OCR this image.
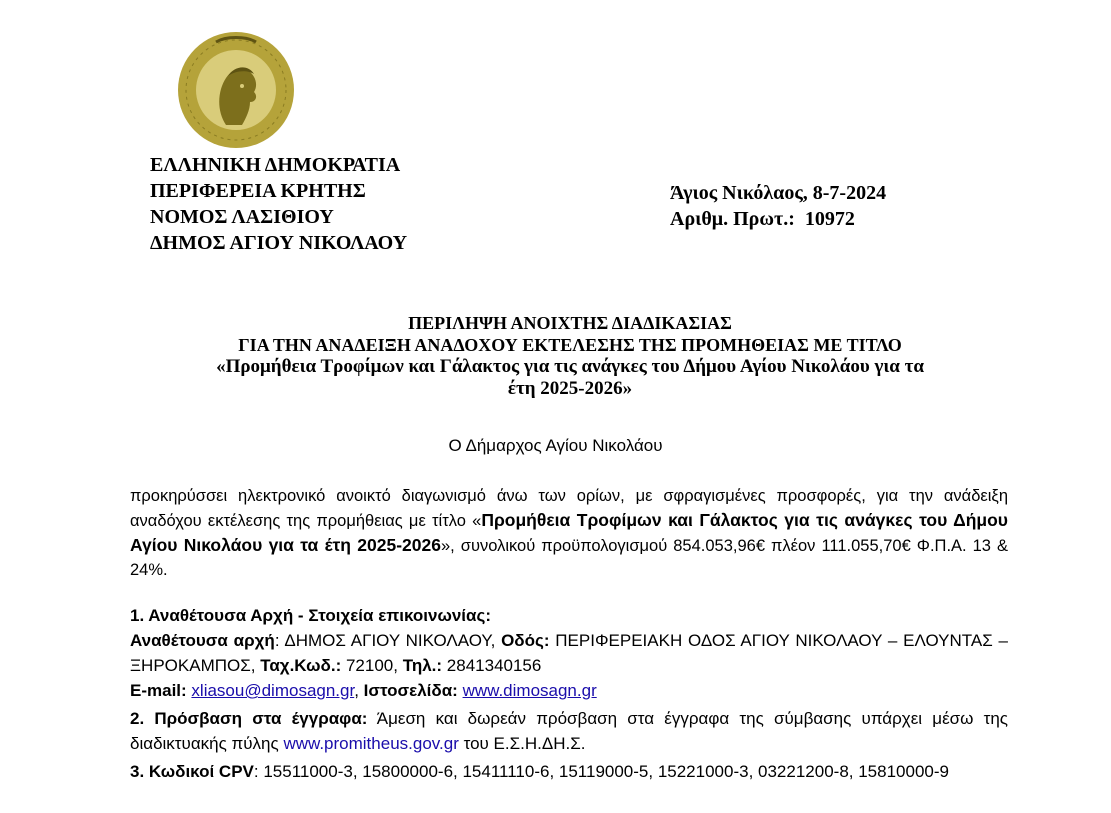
ΕΛΛΗΝΙΚΗ ΔΗΜΟΚΡΑΤΙΑ
ΠΕΡΙΦΕΡΕΙΑ ΚΡΗΤΗΣ
ΝΟΜΟΣ ΛΑΣΙΘΙΟΥ
ΔΗΜΟΣ ΑΓΙΟΥ ΝΙΚΟΛΑΟΥ
Άγιος Νικόλαος, 8-7-2024
Αριθμ. Πρωτ.: 10972
ΠΕΡΙΛΗΨΗ ΑΝΟΙΧΤΗΣ ΔΙΑΔΙΚΑΣΙΑΣ
ΓΙΑ ΤΗΝ ΑΝΑΔΕΙΞΗ ΑΝΑΔΟΧΟΥ ΕΚΤΕΛΕΣΗΣ ΤΗΣ ΠΡΟΜΗΘΕΙΑΣ ΜΕ ΤΙΤΛΟ
«Προμήθεια Τροφίμων και Γάλακτος για τις ανάγκες του Δήμου Αγίου Νικολάου για τα
έτη 2025-2026»
Ο Δήμαρχος Αγίου Νικολάου
προκηρύσσει ηλεκτρονικό ανοικτό διαγωνισμό άνω των ορίων, με σφραγισμένες προσφορές, για την ανάδειξη αναδόχου εκτέλεσης της προμήθειας με τίτλο «Προμήθεια Τροφίμων και Γάλακτος για τις ανάγκες του Δήμου Αγίου Νικολάου για τα έτη 2025-2026», συνολικού προϋπολογισμού 854.053,96€ πλέον 111.055,70€ Φ.Π.Α. 13 & 24%.
1. Αναθέτουσα Αρχή - Στοιχεία επικοινωνίας:
Αναθέτουσα αρχή: ΔΗΜΟΣ ΑΓΙΟΥ ΝΙΚΟΛΑΟΥ, Οδός: ΠΕΡΙΦΕΡΕΙΑΚΗ ΟΔΟΣ ΑΓΙΟΥ ΝΙΚΟΛΑΟΥ – ΕΛΟΥΝΤΑΣ – ΞΗΡΟΚΑΜΠΟΣ, Ταχ.Κωδ.: 72100, Τηλ.: 2841340156
E-mail: xliasou@dimosagn.gr, Ιστοσελίδα: www.dimosagn.gr
2. Πρόσβαση στα έγγραφα: Άμεση και δωρεάν πρόσβαση στα έγγραφα της σύμβασης υπάρχει μέσω της διαδικτυακής πύλης www.promitheus.gov.gr του Ε.Σ.Η.ΔΗ.Σ.
3. Κωδικοί CPV: 15511000-3, 15800000-6, 15411110-6, 15119000-5, 15221000-3, 03221200-8, 15810000-9
